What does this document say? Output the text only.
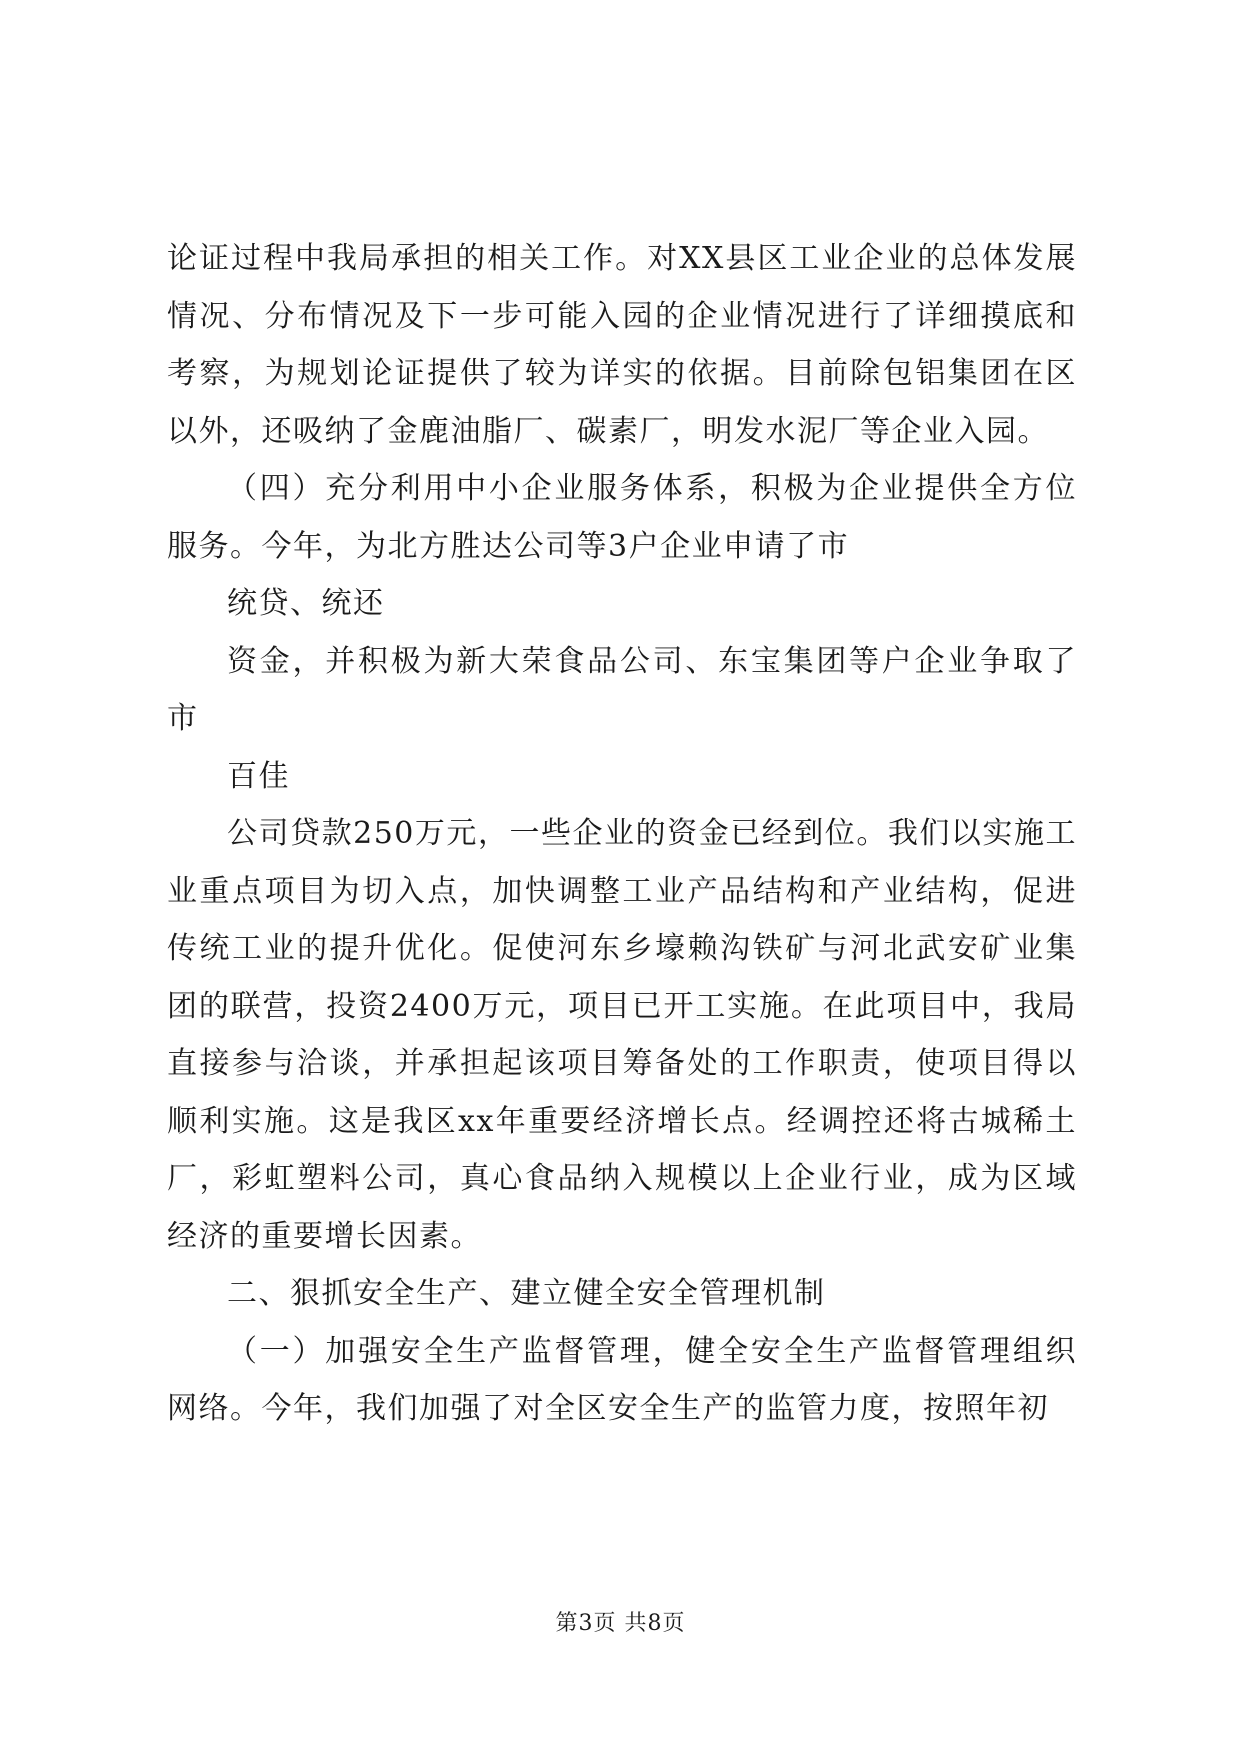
论证过程中我局承担的相关工作。对XX县区工业企业的总体发展情况、分布情况及下一步可能入园的企业情况进行了详细摸底和考察，为规划论证提供了较为详实的依据。目前除包铝集团在区以外，还吸纳了金鹿油脂厂、碳素厂，明发水泥厂等企业入园。

（四）充分利用中小企业服务体系，积极为企业提供全方位服务。今年，为北方胜达公司等3户企业申请了市

统贷、统还

资金，并积极为新大荣食品公司、东宝集团等户企业争取了市

百佳

公司贷款250万元，一些企业的资金已经到位。我们以实施工业重点项目为切入点，加快调整工业产品结构和产业结构，促进传统工业的提升优化。促使河东乡壕赖沟铁矿与河北武安矿业集团的联营，投资2400万元，项目已开工实施。在此项目中，我局直接参与洽谈，并承担起该项目筹备处的工作职责，使项目得以顺利实施。这是我区xx年重要经济增长点。经调控还将古城稀土厂，彩虹塑料公司，真心食品纳入规模以上企业行业，成为区域经济的重要增长因素。

二、狠抓安全生产、建立健全安全管理机制

（一）加强安全生产监督管理，健全安全生产监督管理组织网络。今年，我们加强了对全区安全生产的监管力度，按照年初

第3页 共8页
